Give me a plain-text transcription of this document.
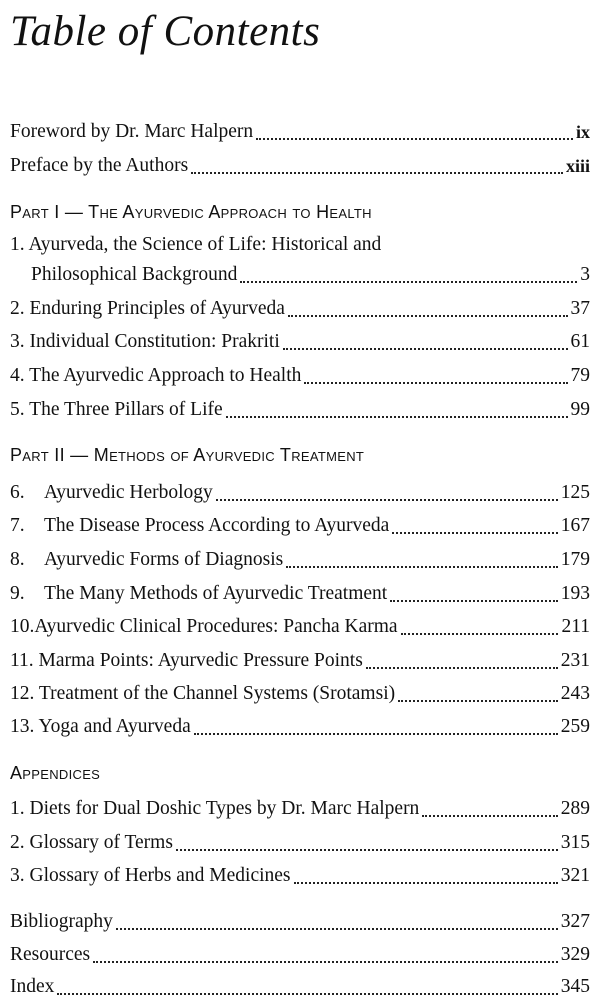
Table of Contents
Foreword by Dr. Marc Halpern	ix
Preface by the Authors	xiii
Part I — The Ayurvedic Approach to Health
1. Ayurveda, the Science of Life: Historical and
Philosophical Background	3
2. Enduring Principles of Ayurveda	37
3. Individual Constitution: Prakriti	61
4. The Ayurvedic Approach to Health	79
5. The Three Pillars of Life	99
Part II — Methods of Ayurvedic Treatment
6. Ayurvedic Herbology	125
7. The Disease Process According to Ayurveda	167
8. Ayurvedic Forms of Diagnosis	179
9. The Many Methods of Ayurvedic Treatment	193
10.Ayurvedic Clinical Procedures: Pancha Karma	211
11. Marma Points: Ayurvedic Pressure Points	231
12. Treatment of the Channel Systems (Srotamsi)	243
13. Yoga and Ayurveda	259
Appendices
1. Diets for Dual Doshic Types by Dr. Marc Halpern	289
2. Glossary of Terms	315
3. Glossary of Herbs and Medicines	321
Bibliography	327
Resources	329
Index	345
